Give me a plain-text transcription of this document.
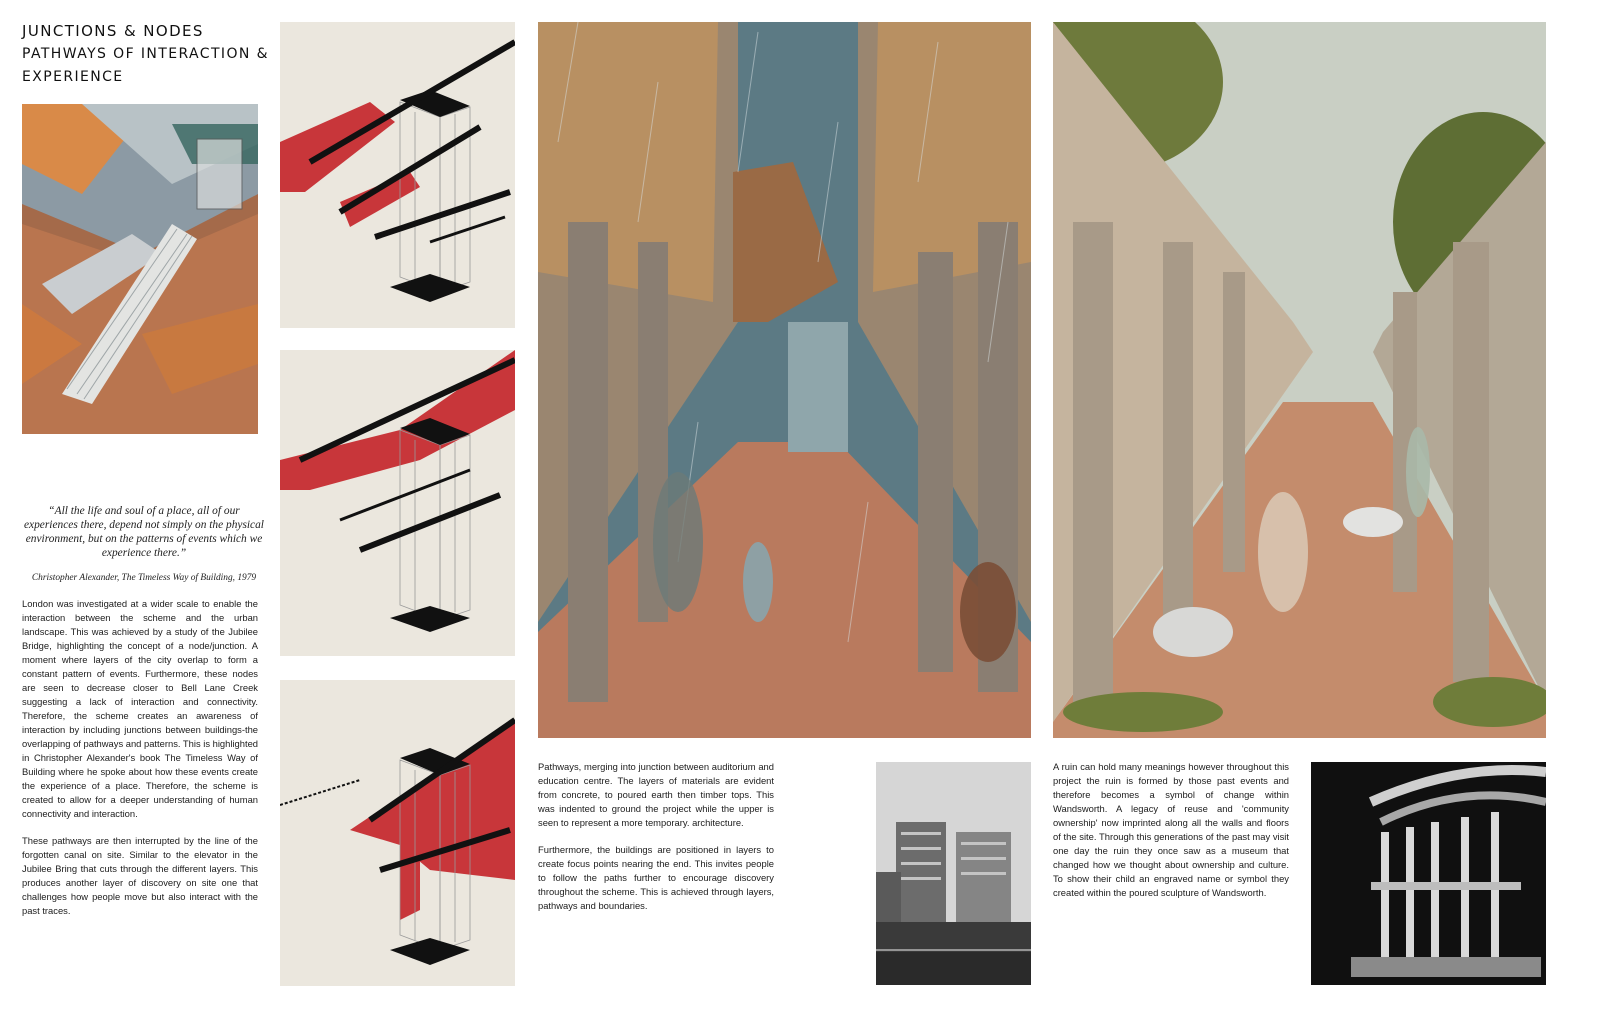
JUNCTIONS & NODES
PATHWAYS OF INTERACTION &
EXPERIENCE
“All the life and soul of a place, all of our experiences there, depend not simply on the physical environment, but on the patterns of events which we experience there.”
Christopher Alexander, The Timeless Way of Building, 1979

London was investigated at a wider scale to enable the interaction between the scheme and the urban landscape. This was achieved by a study of the Jubilee Bridge, highlighting the concept of a node/junction. A moment where layers of the city overlap to form a constant pattern of events. Furthermore, these nodes are seen to decrease closer to Bell Lane Creek suggesting a lack of interaction and connectivity. Therefore, the scheme creates an awareness of interaction by including junctions between buildings-the overlapping of pathways and patterns. This is highlighted in Christopher Alexander's book The Timeless Way of Building where he spoke about how these events create the experience of a place. Therefore, the scheme is created to allow for a deeper understanding of human connectivity and interaction.

These pathways are then interrupted by the line of the forgotten canal on site. Similar to the elevator in the Jubilee Bring that cuts through the different layers. This produces another layer of discovery on site one that challenges how people move but also interact with the past traces.

Pathways, merging into junction between auditorium and education centre. The layers of materials are evident from concrete, to poured earth then timber tops. This was indented to ground the project while the upper is seen to represent a more temporary. architecture.

Furthermore, the buildings are positioned in layers to create focus points nearing the end. This invites people to follow the paths further to encourage discovery throughout the scheme. This is achieved through layers, pathways and boundaries.

A ruin can hold many meanings however throughout this project the ruin is formed by those past events and therefore becomes a symbol of change within Wandsworth. A legacy of reuse and 'community ownership' now imprinted along all the walls and floors of the site. Through this generations of the past may visit one day the ruin they once saw as a museum that changed how we thought about ownership and culture. To show their child an engraved name or symbol they created within the poured sculpture of Wandsworth.
